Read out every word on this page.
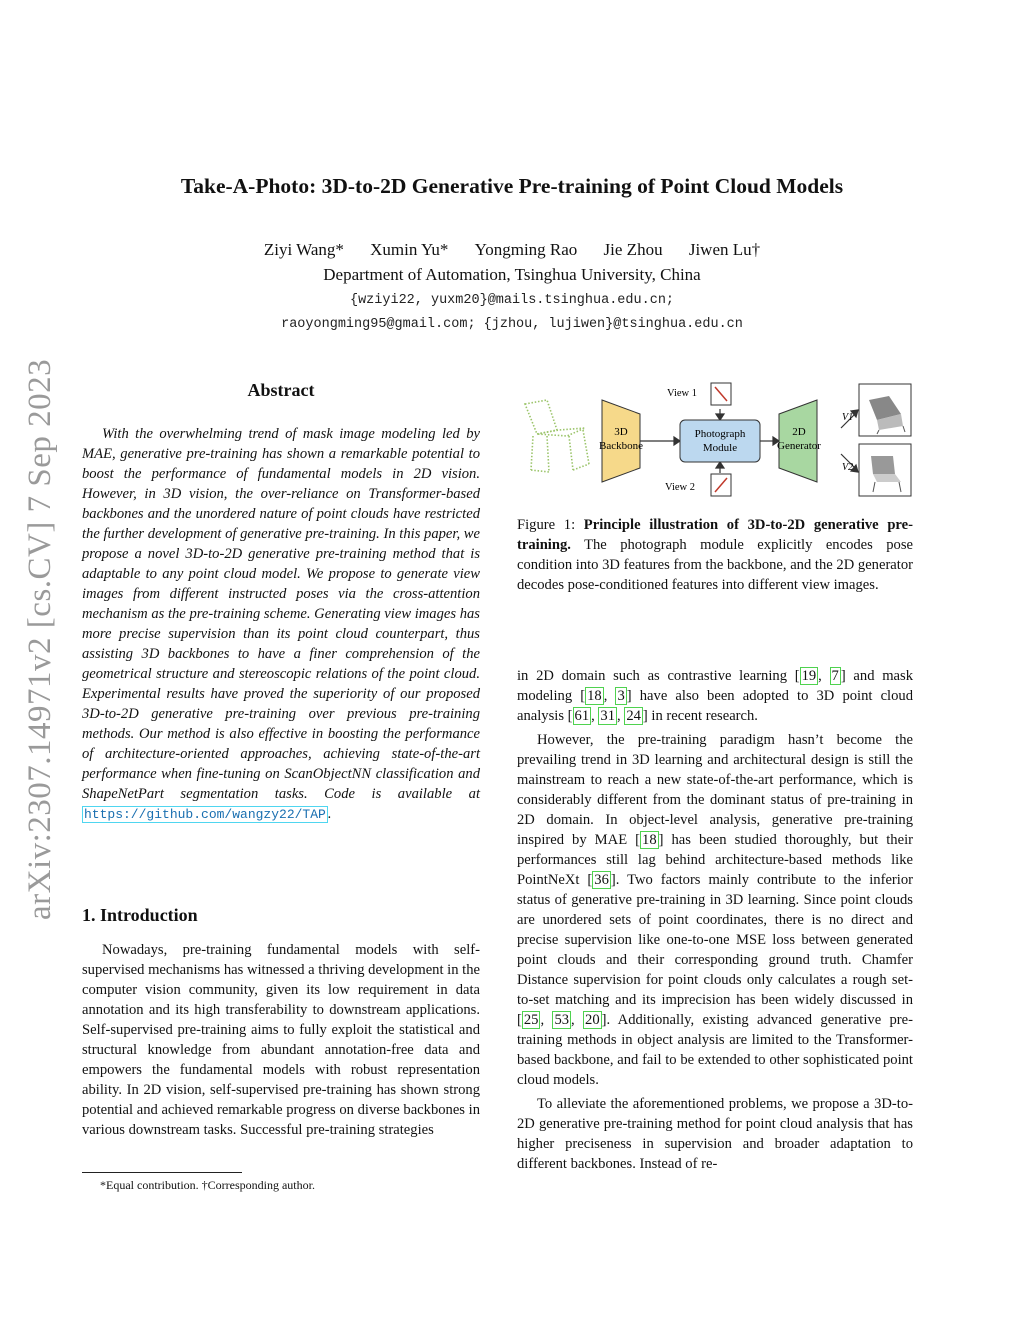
Take-A-Photo: 3D-to-2D Generative Pre-training of Point Cloud Models
Ziyi Wang* Xumin Yu* Yongming Rao Jie Zhou Jiwen Lu†
Department of Automation, Tsinghua University, China
{wziyi22, yuxm20}@mails.tsinghua.edu.cn;
raoyongming95@gmail.com; {jzhou, lujiwen}@tsinghua.edu.cn
arXiv:2307.14971v2 [cs.CV] 7 Sep 2023	Abstract

With the overwhelming trend of mask image modeling led by MAE, generative pre-training has shown a remarkable potential to boost the performance of fundamental models in 2D vision. However, in 3D vision, the over-reliance on Transformer-based backbones and the unordered nature of point clouds have restricted the further development of generative pre-training. In this paper, we propose a novel 3D-to-2D generative pre-training method that is adaptable to any point cloud model. We propose to generate view images from different instructed poses via the cross-attention mechanism as the pre-training scheme. Generating view images has more precise supervision than its point cloud counterpart, thus assisting 3D backbones to have a finer comprehension of the geometrical structure and stereoscopic relations of the point cloud. Experimental results have proved the superiority of our proposed 3D-to-2D generative pre-training over previous pre-training methods. Our method is also effective in boosting the performance of architecture-oriented approaches, achieving state-of-the-art performance when fine-tuning on ScanObjectNN classification and ShapeNetPart segmentation tasks. Code is available at https://github.com/wangzy22/TAP .

1. Introduction

Nowadays, pre-training fundamental models with self-supervised mechanisms has witnessed a thriving development in the computer vision community, given its low requirement in data annotation and its high transferability to downstream applications. Self-supervised pre-training aims to fully exploit the statistical and structural knowledge from abundant annotation-free data and empowers the fundamental models with robust representation ability. In 2D vision, self-supervised pre-training has shown strong potential and achieved remarkable progress on diverse backbones in various downstream tasks. Successful pre-training strategies

*Equal contribution. †Corresponding author.
3D
Backbone
Photograph
Module
View 1
View 2
2D
Generator
V1
V2

Figure 1: Principle illustration of 3D-to-2D generative pre-training. The photograph module explicitly encodes pose condition into 3D features from the backbone, and the 2D generator decodes pose-conditioned features into different view images.

in 2D domain such as contrastive learning [ 19 , 7 ] and mask modeling [ 18 , 3 ] have also been adopted to 3D point cloud analysis [ 61 , 31 , 24 ] in recent research.

However, the pre-training paradigm hasn’t become the prevailing trend in 3D learning and architectural design is still the mainstream to reach a new state-of-the-art performance, which is considerably different from the dominant status of pre-training in 2D domain. In object-level analysis, generative pre-training inspired by MAE [ 18 ] has been studied thoroughly, but their performances still lag behind architecture-based methods like PointNeXt [ 36 ]. Two factors mainly contribute to the inferior status of generative pre-training in 3D learning. Since point clouds are unordered sets of point coordinates, there is no direct and precise supervision like one-to-one MSE loss between generated point clouds and their corresponding ground truth. Chamfer Distance supervision for point clouds only calculates a rough set-to-set matching and its imprecision has been widely discussed in [ 25 , 53 , 20 ]. Additionally, existing advanced generative pre-training methods in object analysis are limited to the Transformer-based backbone, and fail to be extended to other sophisticated point cloud models.

To alleviate the aforementioned problems, we propose a 3D-to-2D generative pre-training method for point cloud analysis that has higher preciseness in supervision and broader adaptation to different backbones. Instead of re-
